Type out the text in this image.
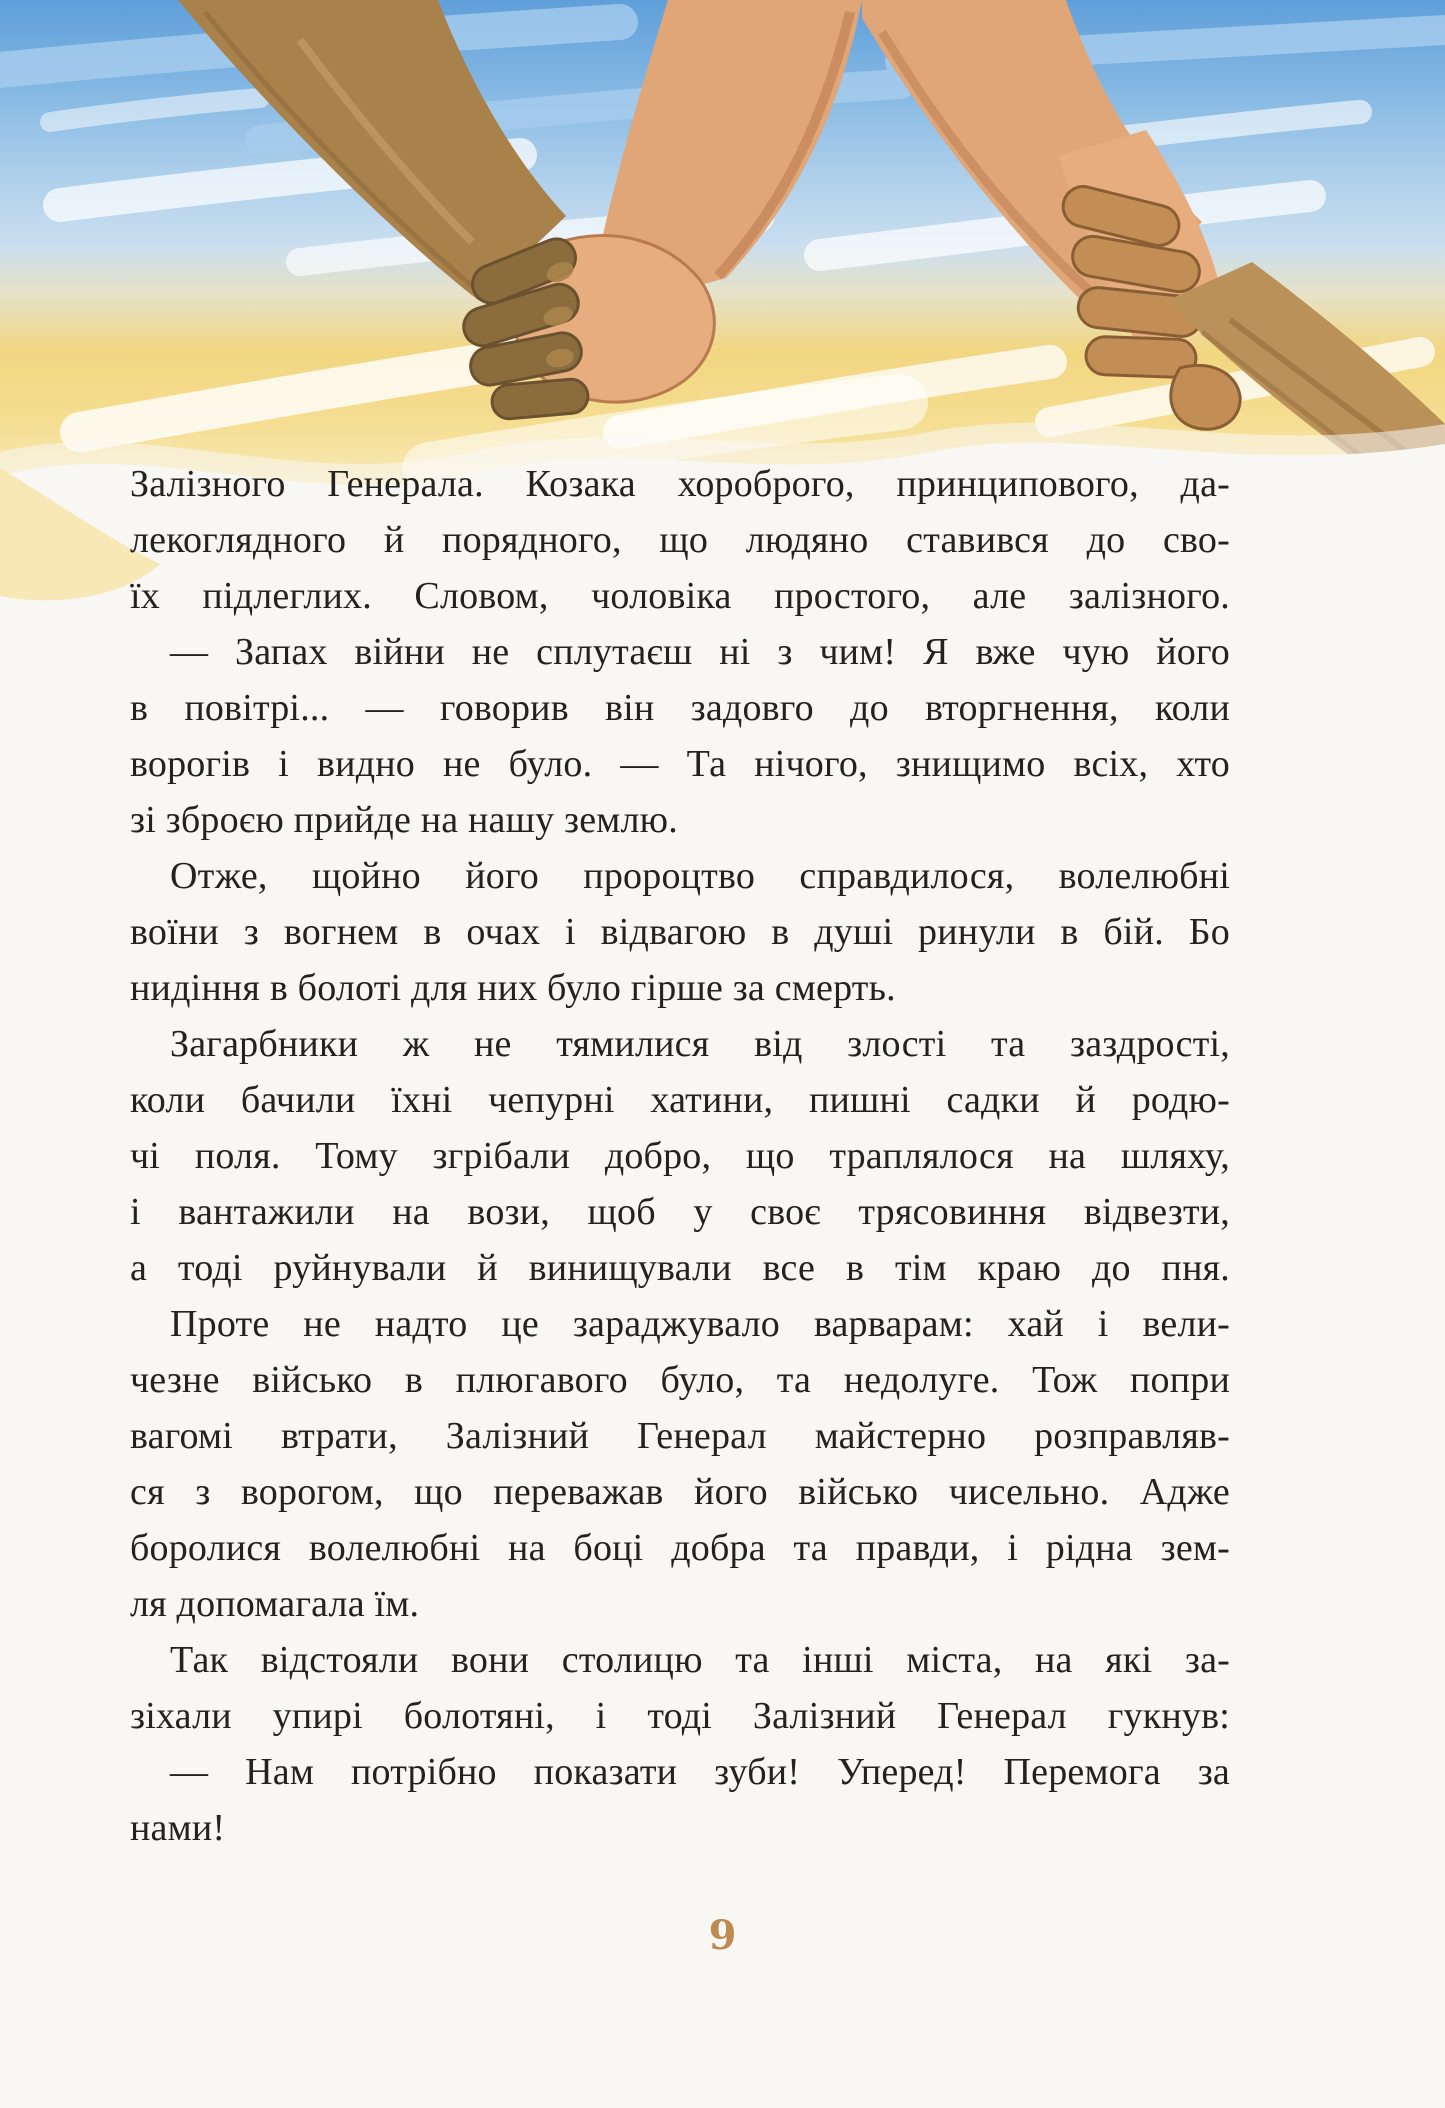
Залізного Генерала. Козака хороброго, принципового, да-
лекоглядного й порядного, що людяно ставився до сво-
їх підлеглих. Словом, чоловіка простого, але залізного.
— Запах війни не сплутаєш ні з чим! Я вже чую його
в повітрі... — говорив він задовго до вторгнення, коли
ворогів і видно не було. — Та нічого, знищимо всіх, хто
зі зброєю прийде на нашу землю.
Отже, щойно його пророцтво справдилося, волелюбні
воїни з вогнем в очах і відвагою в душі ринули в бій. Бо
нидіння в болоті для них було гірше за смерть.
Загарбники ж не тямилися від злості та заздрості,
коли бачили їхні чепурні хатини, пишні садки й родю-
чі поля. Тому згрібали добро, що траплялося на шляху,
і вантажили на вози, щоб у своє трясовиння відвезти,
а тоді руйнували й винищували все в тім краю до пня.
Проте не надто це зараджувало варварам: хай і вели-
чезне військо в плюгавого було, та недолуге. Тож попри
вагомі втрати, Залізний Генерал майстерно розправляв-
ся з ворогом, що переважав його військо чисельно. Адже
боролися волелюбні на боці добра та правди, і рідна зем-
ля допомагала їм.
Так відстояли вони столицю та інші міста, на які за-
зіхали упирі болотяні, і тоді Залізний Генерал гукнув:
— Нам потрібно показати зуби! Уперед! Перемога за
нами!
9
